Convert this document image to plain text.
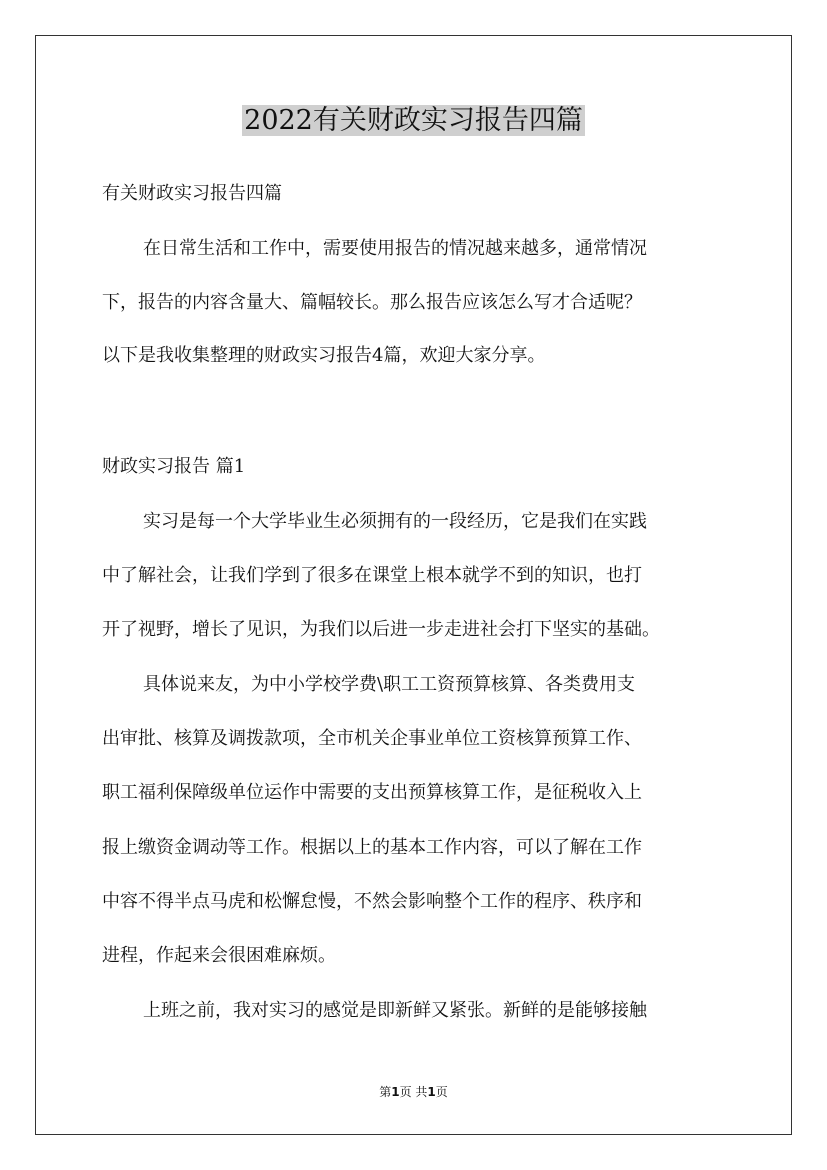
2022有关财政实习报告四篇
有关财政实习报告四篇
在日常生活和工作中，需要使用报告的情况越来越多，通常情况
下，报告的内容含量大、篇幅较长。那么报告应该怎么写才合适呢？
以下是我收集整理的财政实习报告4篇，欢迎大家分享。
财政实习报告 篇1
实习是每一个大学毕业生必须拥有的一段经历，它是我们在实践
中了解社会，让我们学到了很多在课堂上根本就学不到的知识，也打
开了视野，增长了见识，为我们以后进一步走进社会打下坚实的基础。
具体说来友，为中小学校学费\职工工资预算核算、各类费用支
出审批、核算及调拨款项，全市机关企事业单位工资核算预算工作、
职工福利保障级单位运作中需要的支出预算核算工作，是征税收入上
报上缴资金调动等工作。根据以上的基本工作内容，可以了解在工作
中容不得半点马虎和松懈怠慢，不然会影响整个工作的程序、秩序和
进程，作起来会很困难麻烦。
上班之前，我对实习的感觉是即新鲜又紧张。新鲜的是能够接触
第1页 共1页
